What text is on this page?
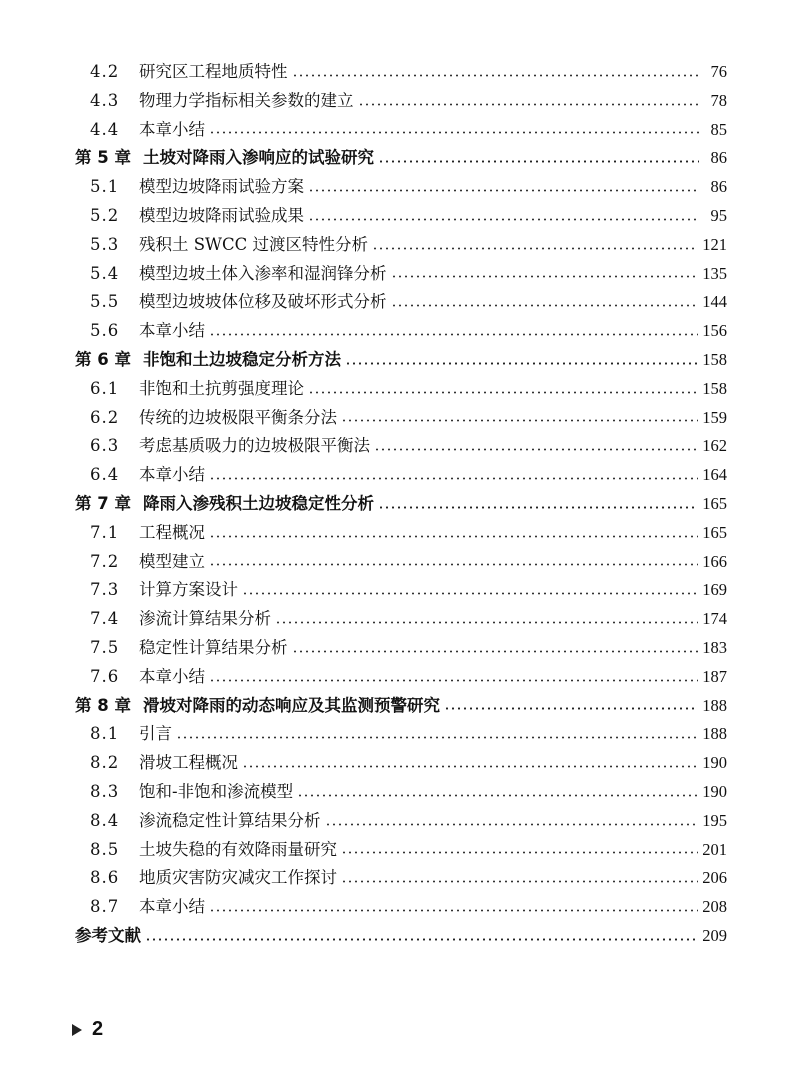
4.2	研究区工程地质特性	76
4.3	物理力学指标相关参数的建立	78
4.4	本章小结	85
第 5 章 土坡对降雨入渗响应的试验研究	86
5.1	模型边坡降雨试验方案	86
5.2	模型边坡降雨试验成果	95
5.3	残积土 SWCC 过渡区特性分析	121
5.4	模型边坡土体入渗率和湿润锋分析	135
5.5	模型边坡坡体位移及破坏形式分析	144
5.6	本章小结	156
第 6 章 非饱和土边坡稳定分析方法	158
6.1	非饱和土抗剪强度理论	158
6.2	传统的边坡极限平衡条分法	159
6.3	考虑基质吸力的边坡极限平衡法	162
6.4	本章小结	164
第 7 章 降雨入渗残积土边坡稳定性分析	165
7.1	工程概况	165
7.2	模型建立	166
7.3	计算方案设计	169
7.4	渗流计算结果分析	174
7.5	稳定性计算结果分析	183
7.6	本章小结	187
第 8 章 滑坡对降雨的动态响应及其监测预警研究	188
8.1	引言	188
8.2	滑坡工程概况	190
8.3	饱和-非饱和渗流模型	190
8.4	渗流稳定性计算结果分析	195
8.5	土坡失稳的有效降雨量研究	201
8.6	地质灾害防灾减灾工作探讨	206
8.7	本章小结	208
参考文献	209
2
